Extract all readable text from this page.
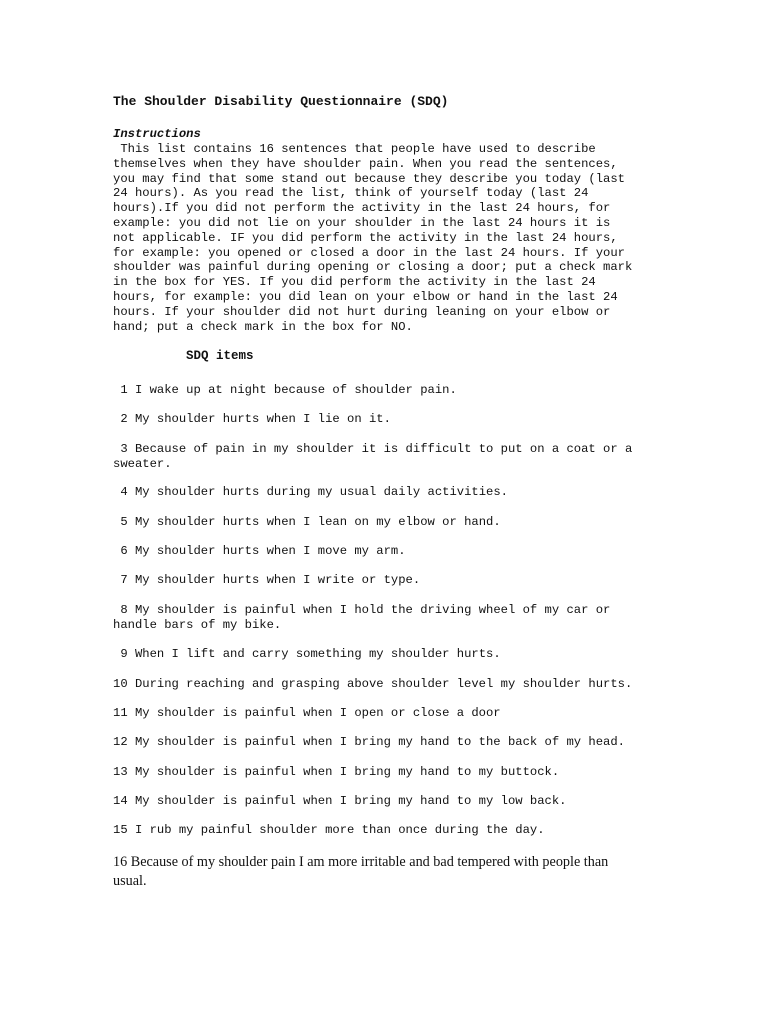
The Shoulder Disability Questionnaire (SDQ)
Instructions

This list contains 16 sentences that people have used to describe
themselves when they have shoulder pain. When you read the sentences,
you may find that some stand out because they describe you today (last
24 hours). As you read the list, think of yourself today (last 24
hours).If you did not perform the activity in the last 24 hours, for
example: you did not lie on your shoulder in the last 24 hours it is
not applicable. IF you did perform the activity in the last 24 hours,
for example: you opened or closed a door in the last 24 hours. If your
shoulder was painful during opening or closing a door; put a check mark
in the box for YES. If you did perform the activity in the last 24
hours, for example: you did lean on your elbow or hand in the last 24
hours. If your shoulder did not hurt during leaning on your elbow or
hand; put a check mark in the box for NO.

SDQ items
1 I wake up at night because of shoulder pain.
2 My shoulder hurts when I lie on it.
3 Because of pain in my shoulder it is difficult to put on a coat or a
sweater.
4 My shoulder hurts during my usual daily activities.
5 My shoulder hurts when I lean on my elbow or hand.
6 My shoulder hurts when I move my arm.
7 My shoulder hurts when I write or type.
8 My shoulder is painful when I hold the driving wheel of my car or
handle bars of my bike.
9 When I lift and carry something my shoulder hurts.
10 During reaching and grasping above shoulder level my shoulder hurts.
11 My shoulder is painful when I open or close a door
12 My shoulder is painful when I bring my hand to the back of my head.
13 My shoulder is painful when I bring my hand to my buttock.
14 My shoulder is painful when I bring my hand to my low back.
15 I rub my painful shoulder more than once during the day.
16 Because of my shoulder pain I am more irritable and bad tempered with people than
usual.
